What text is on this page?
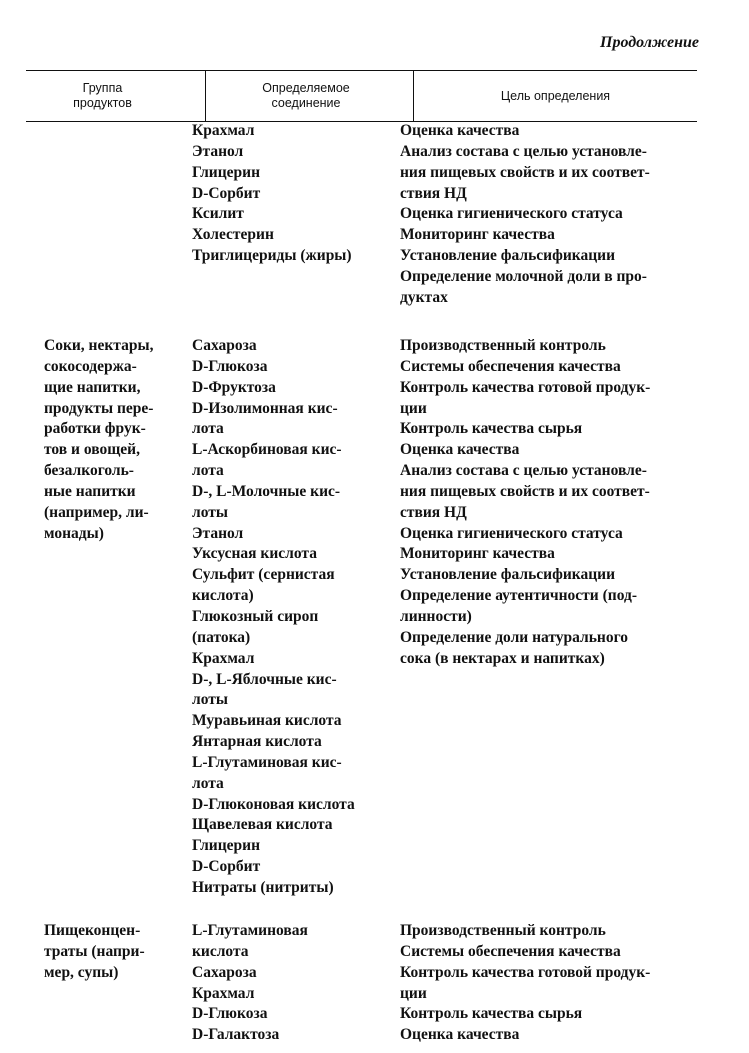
Продолжение
Группа
продуктов
Определяемое
соединение
Цель определения
Крахмал
Этанол
Глицерин
D-Сорбит
Ксилит
Холестерин
Триглицериды (жиры)
Оценка качества
Анализ состава с целью установле-
ния пищевых свойств и их соответ-
ствия НД
Оценка гигиенического статуса
Мониторинг качества
Установление фальсификации
Определение молочной доли в про-
дуктах
Соки, нектары,
сокосодержа-
щие напитки,
продукты пере-
работки фрук-
тов и овощей,
безалкоголь-
ные напитки
(например, ли-
монады)
Сахароза
D-Глюкоза
D-Фруктоза
D-Изолимонная кис-
лота
L-Аскорбиновая кис-
лота
D-, L-Молочные кис-
лоты
Этанол
Уксусная кислота
Сульфит (сернистая
кислота)
Глюкозный сироп
(патока)
Крахмал
D-, L-Яблочные кис-
лоты
Муравьиная кислота
Янтарная кислота
L-Глутаминовая кис-
лота
D-Глюконовая кислота
Щавелевая кислота
Глицерин
D-Сорбит
Нитраты (нитриты)
Производственный контроль
Системы обеспечения качества
Контроль качества готовой продук-
ции
Контроль качества сырья
Оценка качества
Анализ состава с целью установле-
ния пищевых свойств и их соответ-
ствия НД
Оценка гигиенического статуса
Мониторинг качества
Установление фальсификации
Определение аутентичности (под-
линности)
Определение доли натурального
сока (в нектарах и напитках)
Пищеконцен-
траты (напри-
мер, супы)
L-Глутаминовая
кислота
Сахароза
Крахмал
D-Глюкоза
D-Галактоза
Производственный контроль
Системы обеспечения качества
Контроль качества готовой продук-
ции
Контроль качества сырья
Оценка качества
